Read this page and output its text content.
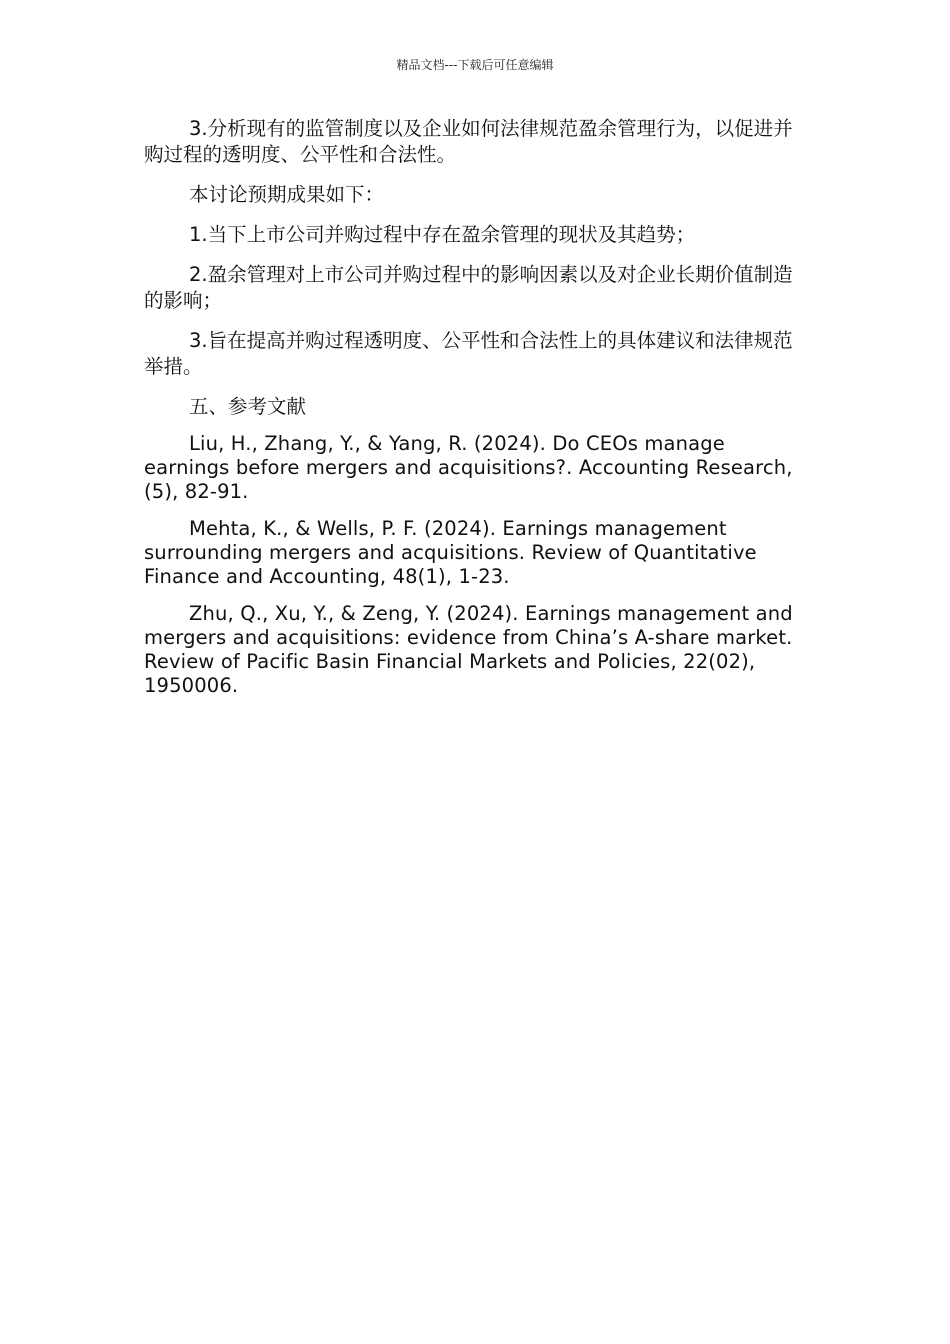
精品文档---下载后可任意编辑

3.分析现有的监管制度以及企业如何法律规范盈余管理行为，以促进并购过程的透明度、公平性和合法性。

本讨论预期成果如下：

1.当下上市公司并购过程中存在盈余管理的现状及其趋势；

2.盈余管理对上市公司并购过程中的影响因素以及对企业长期价值制造的影响；

3.旨在提高并购过程透明度、公平性和合法性上的具体建议和法律规范举措。

五、参考文献

Liu, H., Zhang, Y., & Yang, R. (2024). Do CEOs manage earnings before mergers and acquisitions?. Accounting Research, (5), 82-91.

Mehta, K., & Wells, P. F. (2024). Earnings management surrounding mergers and acquisitions. Review of Quantitative Finance and Accounting, 48(1), 1-23.

Zhu, Q., Xu, Y., & Zeng, Y. (2024). Earnings management and mergers and acquisitions: evidence from China’s A-share market. Review of Pacific Basin Financial Markets and Policies, 22(02), 1950006.
